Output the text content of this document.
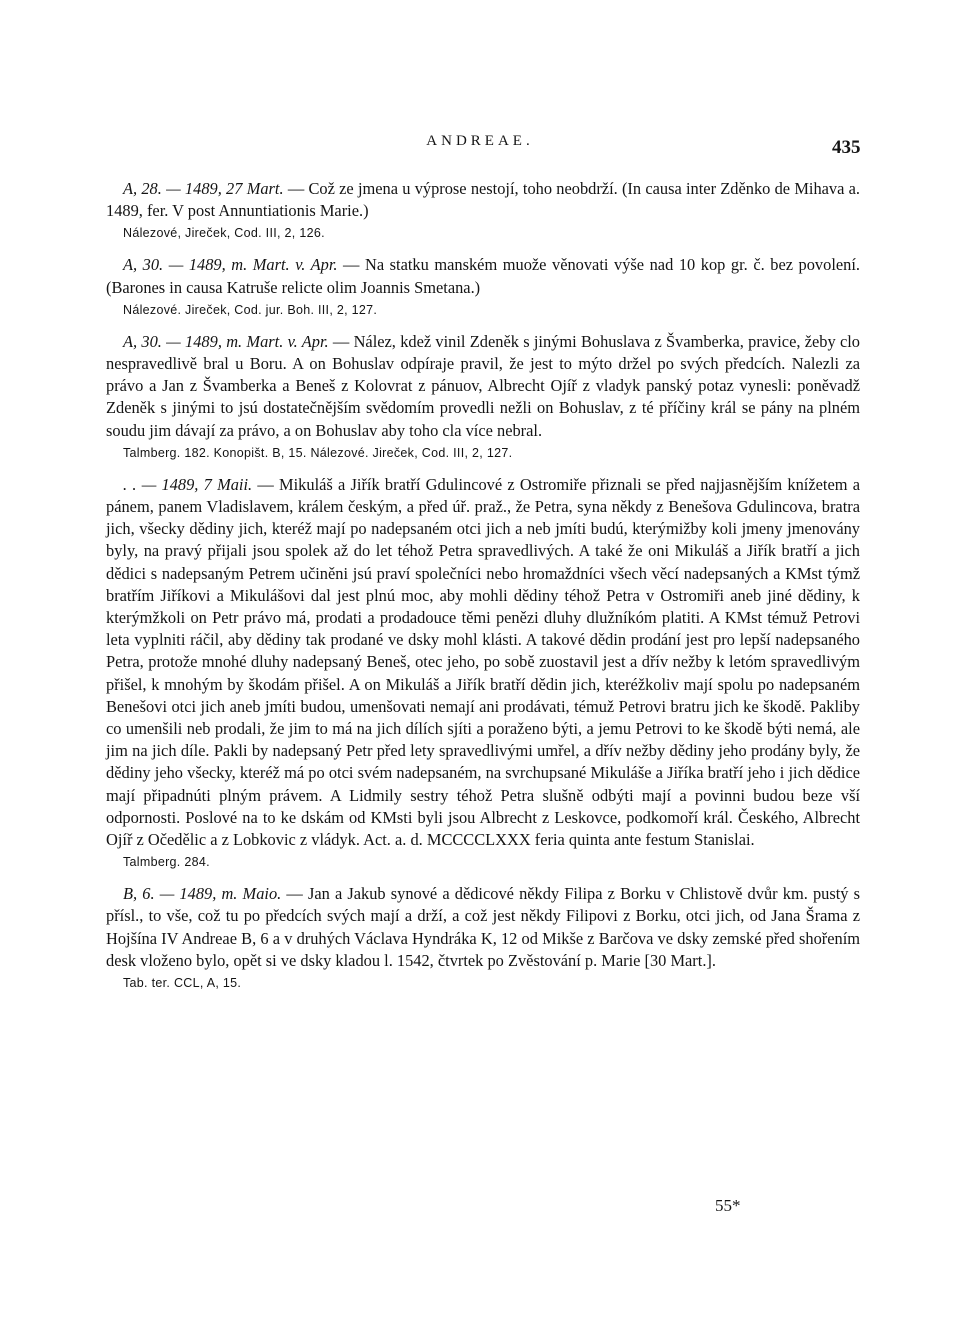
ANDREAE.	435

A, 28. — 1489, 27 Mart. — Což ze jmena u výprose nestojí, toho neobdrží. (In causa inter Zděnko de Mihava a. 1489, fer. V post Annuntiationis Marie.)

Nálezové, Jireček, Cod. III, 2, 126.

A, 30. — 1489, m. Mart. v. Apr. — Na statku manském muože věnovati výše nad 10 kop gr. č. bez povolení. (Barones in causa Katruše relicte olim Joannis Smetana.)

Nálezové. Jireček, Cod. jur. Boh. III, 2, 127.

A, 30. — 1489, m. Mart. v. Apr. — Nález, kdež vinil Zdeněk s jinými Bohuslava z Švamberka, pravice, žeby clo nespravedlivě bral u Boru. A on Bohuslav odpíraje pravil, že jest to mýto držel po svých předcích. Nalezli za právo a Jan z Švamberka a Beneš z Kolovrat z pánuov, Albrecht Ojíř z vladyk panský potaz vynesli: poněvadž Zdeněk s jinými to jsú dostatečnějším svědomím provedli nežli on Bohuslav, z té příčiny král se pány na plném soudu jim dávají za právo, a on Bohuslav aby toho cla více nebral.

Talmberg. 182. Konopišt. B, 15. Nálezové. Jireček, Cod. III, 2, 127.

. . — 1489, 7 Maii. — Mikuláš a Jiřík bratří Gdulincové z Ostromiře přiznali se před najjasnějším knížetem a pánem, panem Vladislavem, králem českým, a před úř. praž., že Petra, syna někdy z Benešova Gdulincova, bratra jich, všecky dědiny jich, kteréž mají po nadepsaném otci jich a neb jmíti budú, kterýmižby koli jmeny jmenovány byly, na pravý přijali jsou spolek až do let téhož Petra spravedlivých. A také že oni Mikuláš a Jiřík bratří a jich dědici s nadepsaným Petrem učiněni jsú praví společníci nebo hromaždníci všech věcí nadepsaných a KMst týmž bratřím Jiříkovi a Mikulášovi dal jest plnú moc, aby mohli dědiny téhož Petra v Ostromiři aneb jiné dědiny, k kterýmžkoli on Petr právo má, prodati a prodadouce těmi penězi dluhy dlužníkóm platiti. A KMst témuž Petrovi leta vyplniti ráčil, aby dědiny tak prodané ve dsky mohl klásti. A takové dědin prodání jest pro lepší nadepsaného Petra, protože mnohé dluhy nadepsaný Beneš, otec jeho, po sobě zuostavil jest a dřív nežby k letóm spravedlivým přišel, k mnohým by škodám přišel. A on Mikuláš a Jiřík bratří dědin jich, kteréžkoliv mají spolu po nadepsaném Benešovi otci jich aneb jmíti budou, umenšovati nemají ani prodávati, témuž Petrovi bratru jich ke škodě. Pakliby co umenšili neb prodali, že jim to má na jich dílích sjíti a poraženo býti, a jemu Petrovi to ke škodě býti nemá, ale jim na jich díle. Pakli by nadepsaný Petr před lety spravedlivými umřel, a dřív nežby dědiny jeho prodány byly, že dědiny jeho všecky, kteréž má po otci svém nadepsaném, na svrchupsané Mikuláše a Jiříka bratří jeho i jich dědice mají připadnúti plným právem. A Lidmily sestry téhož Petra slušně odbýti mají a povinni budou beze vší odpornosti. Poslové na to ke dskám od KMsti byli jsou Albrecht z Leskovce, podkomoří král. Českého, Albrecht Ojíř z Očedělic a z Lobkovic z vládyk. Act. a. d. MCCCCLXXX feria quinta ante festum Stanislai.

Talmberg. 284.

B, 6. — 1489, m. Maio. — Jan a Jakub synové a dědicové někdy Filipa z Borku v Chlistově dvůr km. pustý s přísl., to vše, což tu po předcích svých mají a drží, a což jest někdy Filipovi z Borku, otci jich, od Jana Šrama z Hojšína IV Andreae B, 6 a v druhých Václava Hyndráka K, 12 od Mikše z Barčova ve dsky zemské před shořením desk vloženo bylo, opět si ve dsky kladou l. 1542, čtvrtek po Zvěstování p. Marie [30 Mart.].

Tab. ter. CCL, A, 15.
55*
